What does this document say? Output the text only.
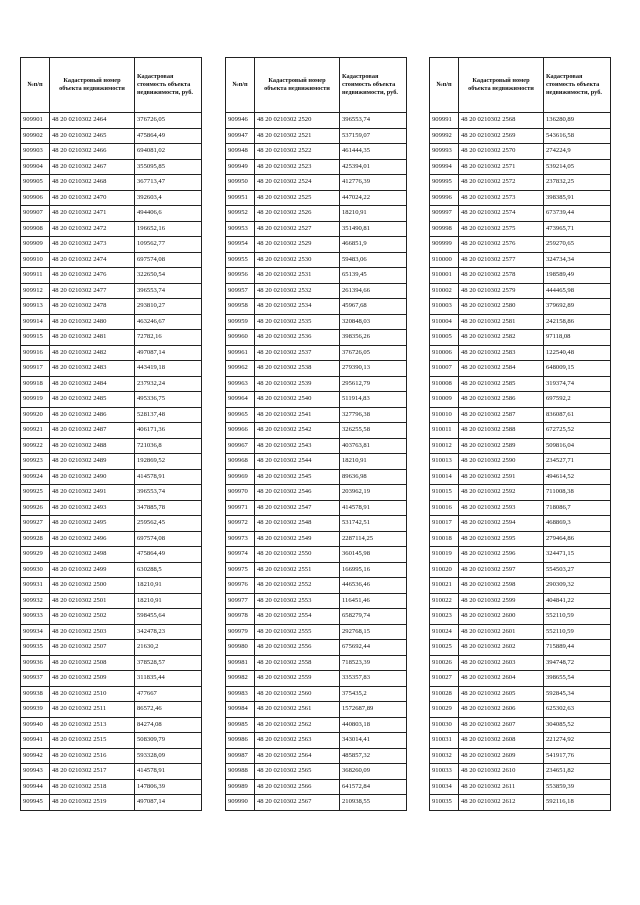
№п/п	Кадастровый номер объекта недвижимости	Кадастровая стоимость объекта недвижимости, руб.
909901	48 20 0210302 2464	376726,05
909902	48 20 0210302 2465	475864,49
909903	48 20 0210302 2466	694081,02
909904	48 20 0210302 2467	355095,85
909905	48 20 0210302 2468	367713,47
909906	48 20 0210302 2470	392603,4
909907	48 20 0210302 2471	494406,6
909908	48 20 0210302 2472	196652,16
909909	48 20 0210302 2473	109562,77
909910	48 20 0210302 2474	697574,08
909911	48 20 0210302 2476	322650,54
909912	48 20 0210302 2477	396553,74
909913	48 20 0210302 2478	293810,27
909914	48 20 0210302 2480	463246,67
909915	48 20 0210302 2481	72782,16
909916	48 20 0210302 2482	497087,14
909917	48 20 0210302 2483	443419,18
909918	48 20 0210302 2484	237932,24
909919	48 20 0210302 2485	495336,75
909920	48 20 0210302 2486	528137,48
909921	48 20 0210302 2487	406171,36
909922	48 20 0210302 2488	721036,8
909923	48 20 0210302 2489	192869,52
909924	48 20 0210302 2490	414578,91
909925	48 20 0210302 2491	396553,74
909926	48 20 0210302 2493	347885,78
909927	48 20 0210302 2495	259562,45
909928	48 20 0210302 2496	697574,08
909929	48 20 0210302 2498	475864,49
909930	48 20 0210302 2499	630288,5
909931	48 20 0210302 2500	18210,91
909932	48 20 0210302 2501	18210,91
909933	48 20 0210302 2502	598455,64
909934	48 20 0210302 2503	342478,23
909935	48 20 0210302 2507	21630,2
909936	48 20 0210302 2508	378528,57
909937	48 20 0210302 2509	311835,44
909938	48 20 0210302 2510	477667
909939	48 20 0210302 2511	86572,46
909940	48 20 0210302 2513	84274,08
909941	48 20 0210302 2515	508309,79
909942	48 20 0210302 2516	593328,09
909943	48 20 0210302 2517	414578,91
909944	48 20 0210302 2518	147806,39
909945	48 20 0210302 2519	497087,14
№п/п	Кадастровый номер объекта недвижимости	Кадастровая стоимость объекта недвижимости, руб.
909946	48 20 0210302 2520	396553,74
909947	48 20 0210302 2521	537159,07
909948	48 20 0210302 2522	461444,35
909949	48 20 0210302 2523	425394,01
909950	48 20 0210302 2524	412776,39
909951	48 20 0210302 2525	447024,22
909952	48 20 0210302 2526	18210,91
909953	48 20 0210302 2527	351490,81
909954	48 20 0210302 2529	466851,9
909955	48 20 0210302 2530	59483,06
909956	48 20 0210302 2531	65139,45
909957	48 20 0210302 2532	261394,66
909958	48 20 0210302 2534	45967,68
909959	48 20 0210302 2535	320848,03
909960	48 20 0210302 2536	398356,26
909961	48 20 0210302 2537	376726,05
909962	48 20 0210302 2538	279390,13
909963	48 20 0210302 2539	295612,79
909964	48 20 0210302 2540	511914,83
909965	48 20 0210302 2541	327796,38
909966	48 20 0210302 2542	326255,58
909967	48 20 0210302 2543	403763,81
909968	48 20 0210302 2544	18210,91
909969	48 20 0210302 2545	89636,98
909970	48 20 0210302 2546	203962,19
909971	48 20 0210302 2547	414578,91
909972	48 20 0210302 2548	531742,51
909973	48 20 0210302 2549	2287114,25
909974	48 20 0210302 2550	360145,98
909975	48 20 0210302 2551	166995,16
909976	48 20 0210302 2552	446536,46
909977	48 20 0210302 2553	116451,46
909978	48 20 0210302 2554	658279,74
909979	48 20 0210302 2555	292768,15
909980	48 20 0210302 2556	675692,44
909981	48 20 0210302 2558	718523,39
909982	48 20 0210302 2559	335357,83
909983	48 20 0210302 2560	375435,2
909984	48 20 0210302 2561	1572687,89
909985	48 20 0210302 2562	440803,18
909986	48 20 0210302 2563	343014,41
909987	48 20 0210302 2564	485857,32
909988	48 20 0210302 2565	368260,09
909989	48 20 0210302 2566	641572,84
909990	48 20 0210302 2567	210938,55
№п/п	Кадастровый номер объекта недвижимости	Кадастровая стоимость объекта недвижимости, руб.
909991	48 20 0210302 2568	136280,89
909992	48 20 0210302 2569	543616,58
909993	48 20 0210302 2570	274224,9
909994	48 20 0210302 2571	539214,05
909995	48 20 0210302 2572	237832,25
909996	48 20 0210302 2573	398385,91
909997	48 20 0210302 2574	673739,44
909998	48 20 0210302 2575	473965,71
909999	48 20 0210302 2576	259270,65
910000	48 20 0210302 2577	324734,34
910001	48 20 0210302 2578	198589,49
910002	48 20 0210302 2579	444465,98
910003	48 20 0210302 2580	379692,89
910004	48 20 0210302 2581	242158,86
910005	48 20 0210302 2582	97118,08
910006	48 20 0210302 2583	122540,48
910007	48 20 0210302 2584	648009,15
910008	48 20 0210302 2585	319374,74
910009	48 20 0210302 2586	697592,2
910010	48 20 0210302 2587	836087,61
910011	48 20 0210302 2588	672725,52
910012	48 20 0210302 2589	509816,04
910013	48 20 0210302 2590	234527,71
910014	48 20 0210302 2591	494614,52
910015	48 20 0210302 2592	711008,38
910016	48 20 0210302 2593	718086,7
910017	48 20 0210302 2594	468869,3
910018	48 20 0210302 2595	279464,86
910019	48 20 0210302 2596	324471,15
910020	48 20 0210302 2597	554503,27
910021	48 20 0210302 2598	290309,32
910022	48 20 0210302 2599	404841,22
910023	48 20 0210302 2600	552110,59
910024	48 20 0210302 2601	552110,59
910025	48 20 0210302 2602	715889,44
910026	48 20 0210302 2603	394748,72
910027	48 20 0210302 2604	398655,54
910028	48 20 0210302 2605	592845,34
910029	48 20 0210302 2606	625302,63
910030	48 20 0210302 2607	304085,52
910031	48 20 0210302 2608	221274,92
910032	48 20 0210302 2609	541917,76
910033	48 20 0210302 2610	234651,82
910034	48 20 0210302 2611	553859,39
910035	48 20 0210302 2612	592116,18
